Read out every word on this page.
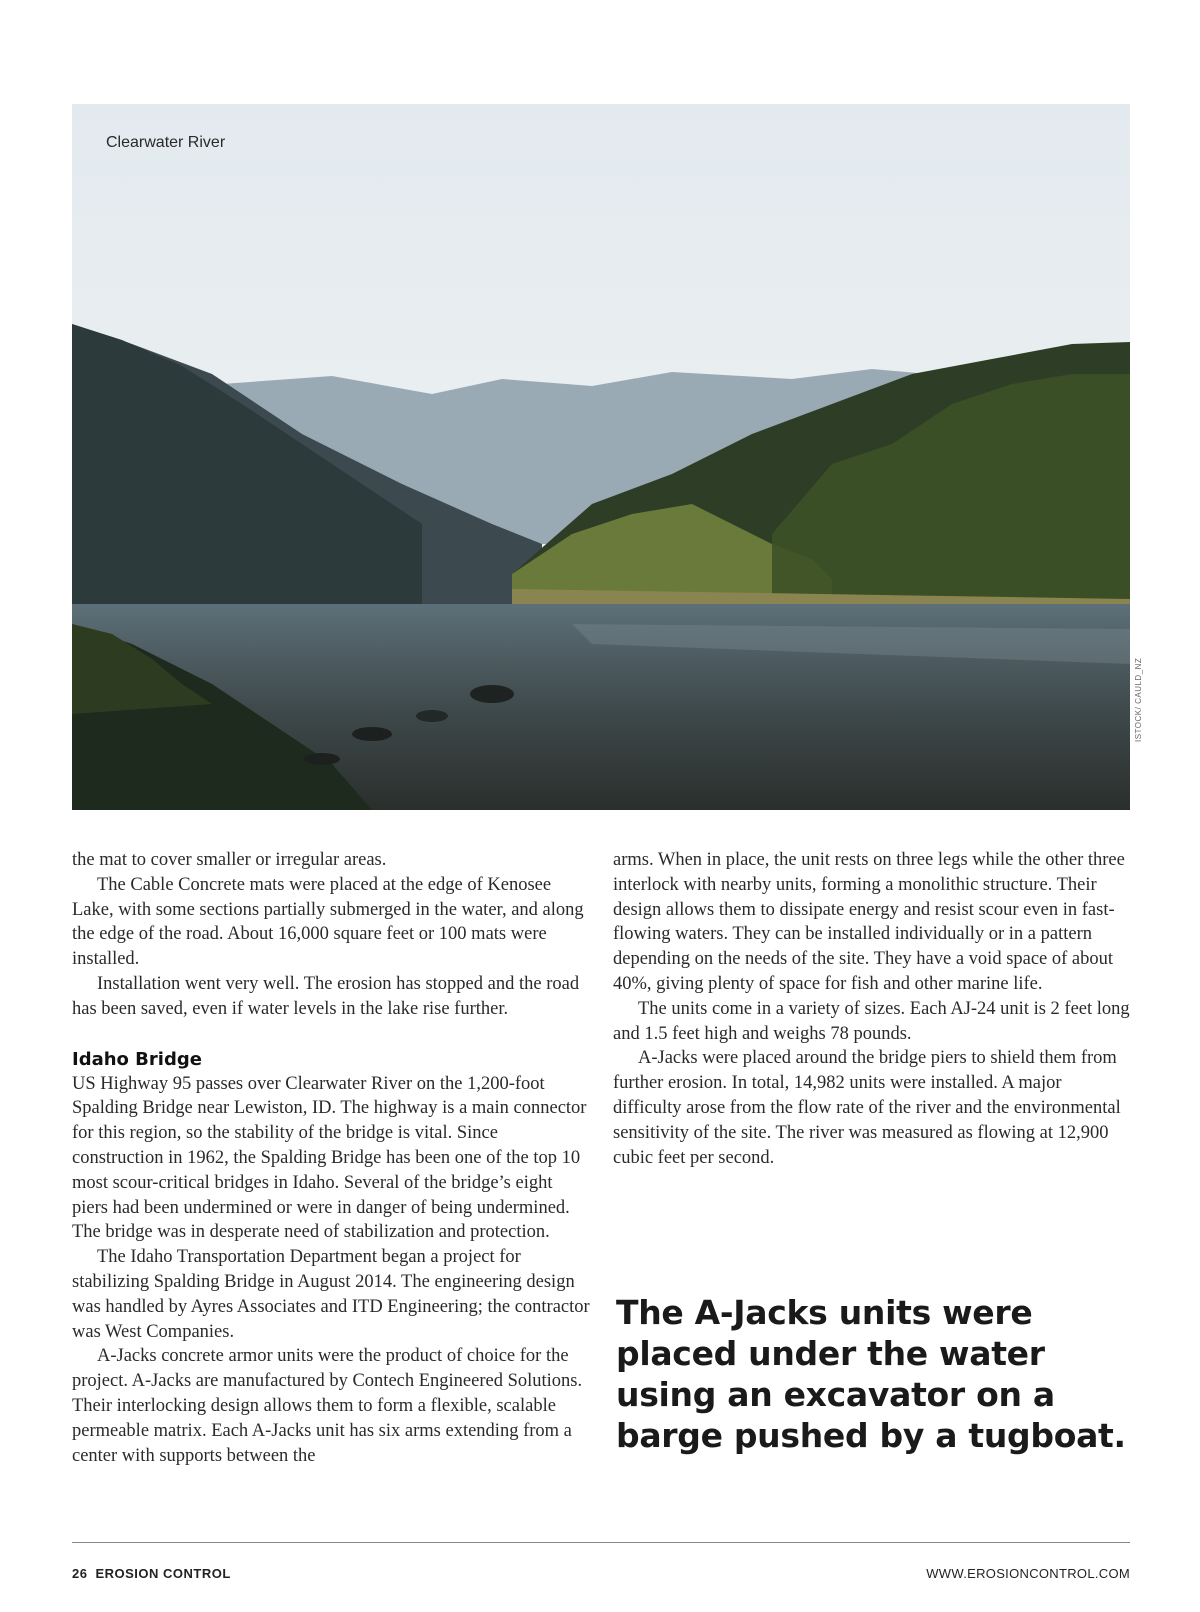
Clearwater River
ISTOCK/ CAULD_NZ

the mat to cover smaller or irregular areas.

The Cable Concrete mats were placed at the edge of Kenosee Lake, with some sections partially submerged in the water, and along the edge of the road. About 16,000 square feet or 100 mats were installed.

Installation went very well. The erosion has stopped and the road has been saved, even if water levels in the lake rise further.

Idaho Bridge

US Highway 95 passes over Clearwater River on the 1,200-foot Spalding Bridge near Lewiston, ID. The highway is a main connector for this region, so the stability of the bridge is vital. Since construction in 1962, the Spalding Bridge has been one of the top 10 most scour-critical bridges in Idaho. Several of the bridge’s eight piers had been undermined or were in danger of being undermined. The bridge was in desperate need of stabilization and protection.

The Idaho Transportation Department began a project for stabilizing Spalding Bridge in August 2014. The engineering design was handled by Ayres Associates and ITD Engineering; the contractor was West Companies.

A-Jacks concrete armor units were the product of choice for the project. A-Jacks are manufactured by Contech Engineered Solutions. Their interlocking design allows them to form a flexible, scalable permeable matrix. Each A-Jacks unit has six arms extending from a center with supports between the

arms. When in place, the unit rests on three legs while the other three interlock with nearby units, forming a monolithic structure. Their design allows them to dissipate energy and resist scour even in fast-flowing waters. They can be installed individually or in a pattern depending on the needs of the site. They have a void space of about 40%, giving plenty of space for fish and other marine life.

The units come in a variety of sizes. Each AJ-24 unit is 2 feet long and 1.5 feet high and weighs 78 pounds.

A-Jacks were placed around the bridge piers to shield them from further erosion. In total, 14,982 units were installed. A major difficulty arose from the flow rate of the river and the environmental sensitivity of the site. The river was measured as flowing at 12,900 cubic feet per second.

The A-Jacks units were placed under the water using an excavator on a barge pushed by a tugboat.
26 EROSION CONTROL	WWW.EROSIONCONTROL.COM
